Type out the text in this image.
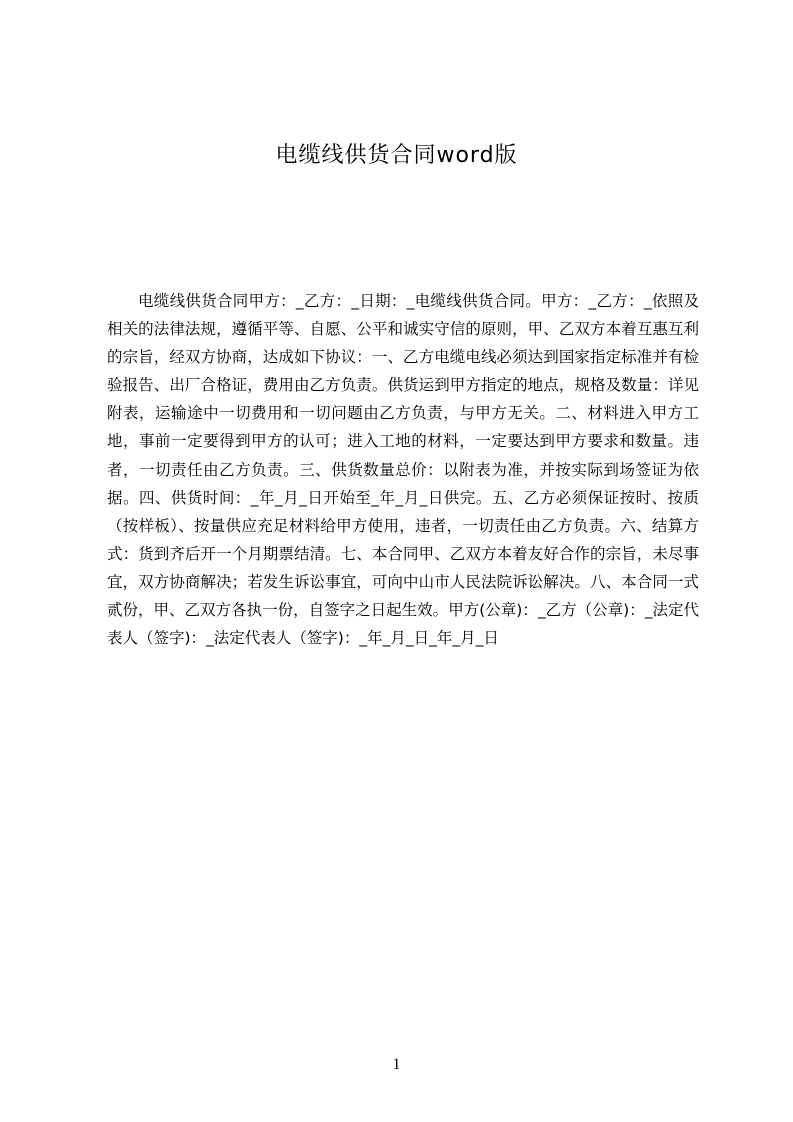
电缆线供货合同word版

电缆线供货合同甲方：_乙方：_日期：_电缆线供货合同。甲方：_乙方：_依照及相关的法律法规，遵循平等、自愿、公平和诚实守信的原则，甲、乙双方本着互惠互利的宗旨，经双方协商，达成如下协议：一、乙方电缆电线必须达到国家指定标准并有检验报告、出厂合格证，费用由乙方负责。供货运到甲方指定的地点，规格及数量：详见附表，运输途中一切费用和一切问题由乙方负责，与甲方无关。二、材料进入甲方工地，事前一定要得到甲方的认可；进入工地的材料，一定要达到甲方要求和数量。违者，一切责任由乙方负责。三、供货数量总价：以附表为准，并按实际到场签证为依据。四、供货时间：_年_月_日开始至_年_月_日供完。五、乙方必须保证按时、按质（按样板）、按量供应充足材料给甲方使用，违者，一切责任由乙方负责。六、结算方式：货到齐后开一个月期票结清。七、本合同甲、乙双方本着友好合作的宗旨，未尽事宜，双方协商解决；若发生诉讼事宜，可向中山市人民法院诉讼解决。八、本合同一式贰份，甲、乙双方各执一份，自签字之日起生效。甲方(公章)：_乙方（公章)：_法定代表人（签字)：_法定代表人（签字)：_年_月_日_年_月_日

1
